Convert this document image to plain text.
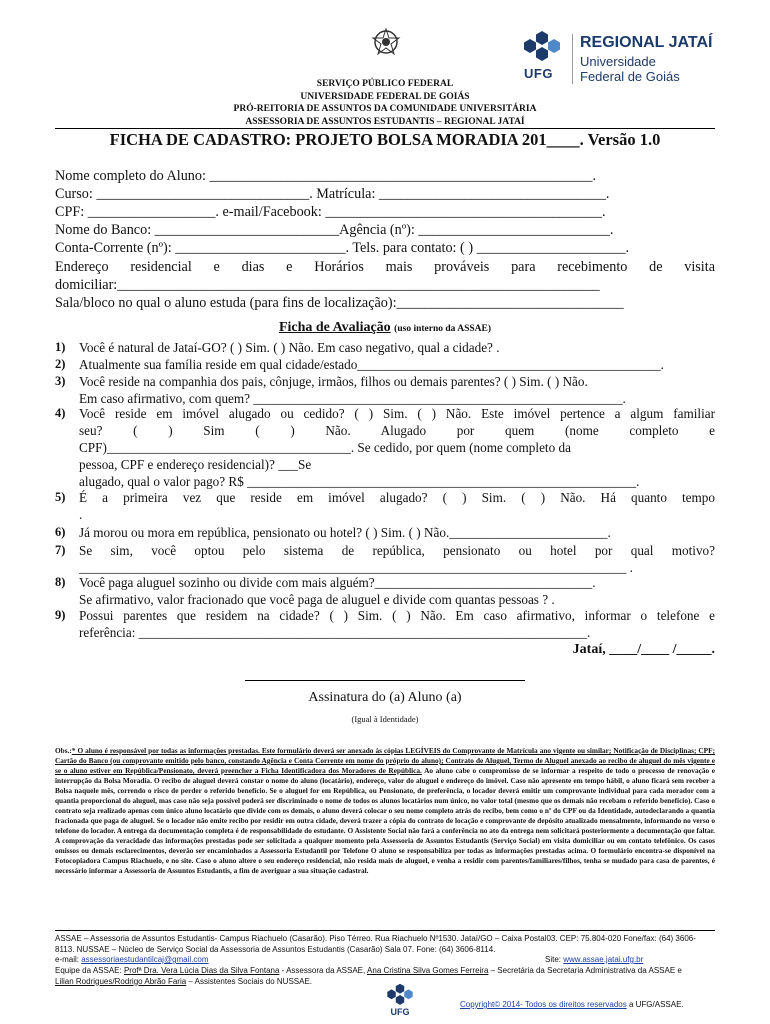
UFG
REGIONAL JATAÍ
Universidade
Federal de Goiás
SERVIÇO PÚBLICO FEDERAL
UNIVERSIDADE FEDERAL DE GOIÁS
PRÓ-REITORIA DE ASSUNTOS DA COMUNIDADE UNIVERSITÁRIA
ASSESSORIA DE ASSUNTOS ESTUDANTIS – REGIONAL JATAÍ
FICHA DE CADASTRO: PROJETO BOLSA MORADIA 201____. Versão 1.0
Nome completo do Aluno: ______________________________________________________.
Curso: ______________________________. Matrícula: ________________________________.
CPF: __________________. e-mail/Facebook: _______________________________________.
Nome do Banco: __________________________Agência (nº): ___________________________.
Conta-Corrente (nº): ________________________. Tels. para contato: ( ) _____________________.
Endereço residencial e dias e Horários mais prováveis para recebimento de visita
domiciliar:____________________________________________________________________
Sala/bloco no qual o aluno estuda (para fins de localização):________________________________
Ficha de Avaliação (uso interno da ASSAE)
1) Você é natural de Jataí-GO? ( ) Sim. ( ) Não. Em caso negativo, qual a cidade? .
2) Atualmente sua família reside em qual cidade/estado______________________________________________.
3) Você reside na companhia dos pais, cônjuge, irmãos, filhos ou demais parentes? ( ) Sim. ( ) Não.
Em caso afirmativo, com quem? ________________________________________________________.
4) Você reside em imóvel alugado ou cedido? ( ) Sim. ( ) Não. Este imóvel pertence a algum familiar
seu? ( ) Sim ( ) Não. Alugado por quem (nome completo e
CPF)_____________________________________. Se cedido, por quem (nome completo da
pessoa, CPF e endereço residencial)? ___Se
alugado, qual o valor pago? R$ ___________________________________________________________.
5) É a primeira vez que reside em imóvel alugado? ( ) Sim. ( ) Não. Há quanto tempo
.
6) Já morou ou mora em república, pensionato ou hotel? ( ) Sim. ( ) Não.________________________.
7) Se sim, você optou pelo sistema de república, pensionato ou hotel por qual motivo?
___________________________________________________________________________________ .
8) Você paga aluguel sozinho ou divide com mais alguém?_________________________________.
Se afirmativo, valor fracionado que você paga de aluguel e divide com quantas pessoas ? .
9) Possui parentes que residem na cidade? ( ) Sim. ( ) Não. Em caso afirmativo, informar o telefone e
referência: ____________________________________________________________________.
Jataí, ____/____ /_____.
Assinatura do (a) Aluno (a)
(Igual à Identidade)
Obs.:* O aluno é responsável por todas as informações prestadas. Este formulário deverá ser anexado às cópias LEGÍVEIS do Comprovante de Matrícula ano vigente ou similar; Notificação de Disciplinas; CPF; Cartão do Banco (ou comprovante emitido pelo banco, constando Agência e Conta Corrente em nome do próprio do aluno); Contrato de Aluguel, Termo de Aluguel anexado ao recibo de aluguel do mês vigente e se o aluno estiver em República/Pensionato, deverá preencher a Ficha Identificadora dos Moradores de República. Ao aluno cabe o compromisso de se informar a respeito de todo o processo de renovação e interrupção da Bolsa Moradia. O recibo de aluguel deverá constar o nome do aluno (locatário), endereço, valor do aluguel e endereço do imóvel. Caso não apresente em tempo hábil, o aluno ficará sem receber a Bolsa naquele mês, correndo o risco de perder o referido benefício. Se o aluguel for em República, ou Pensionato, de preferência, o locador deverá emitir um comprovante individual para cada morador com a quantia proporcional do aluguel, mas caso não seja possível poderá ser discriminado o nome de todos os alunos locatários num único, no valor total (mesmo que os demais não recebam o referido benefício). Caso o contrato seja realizado apenas com único aluno locatário que divide com os demais, o aluno deverá colocar o seu nome completo atrás do recibo, bem como o nº do CPF ou da Identidade, autodeclarando a quantia fracionada que paga de aluguel. Se o locador não emite recibo por residir em outra cidade, deverá trazer a cópia do contrato de locação e comprovante de depósito atualizado mensalmente, informando no verso o telefone do locador. A entrega da documentação completa é de responsabilidade do estudante. O Assistente Social não fará a conferência no ato da entrega nem solicitará posteriormente a documentação que faltar. A comprovação da veracidade das informações prestadas pode ser solicitada a qualquer momento pela Assessoria de Assuntos Estudantis (Serviço Social) em visita domiciliar ou em contato telefônico. Os casos omissos ou demais esclarecimentos, deverão ser encaminhados a Assessoria Estudantil por Telefone O aluno se responsabiliza por todas as informações prestadas acima. O formulário encontra-se disponível na Fotocopiadora Campus Riachuelo, e no site. Caso o aluno altere o seu endereço residencial, não resida mais de aluguel, e venha a residir com parentes/familiares/filhos, tenha se mudado para casa de parentes, é necessário informar a Assessoria de Assuntos Estudantis, a fim de averiguar a sua situação cadastral.
ASSAE – Assessoria de Assuntos Estudantis- Campus Riachuelo (Casarão). Piso Térreo. Rua Riachuelo Nº1530. Jataí/GO – Caixa Postal03. CEP: 75.804-020 Fone/fax: (64) 3606-8113. NUSSAE – Núcleo de Serviço Social da Assessoria de Assuntos Estudantis (Casarão) Sala 07. Fone: (64) 3606-8114.
e-mail: assessoriaestudantilcaj@gmail.com	Site: www.assae.jatai.ufg.br
Equipe da ASSAE: Profª Dra. Vera Lúcia Dias da Silva Fontana - Assessora da ASSAE, Ana Cristina Silva Gomes Ferreira – Secretária da Secretaria Administrativa da ASSAE e
Lilian Rodrigues/Rodrigo Abrão Faria – Assistentes Sociais do NUSSAE.
UFG
Copyright© 2014- Todos os direitos reservados a UFG/ASSAE.
